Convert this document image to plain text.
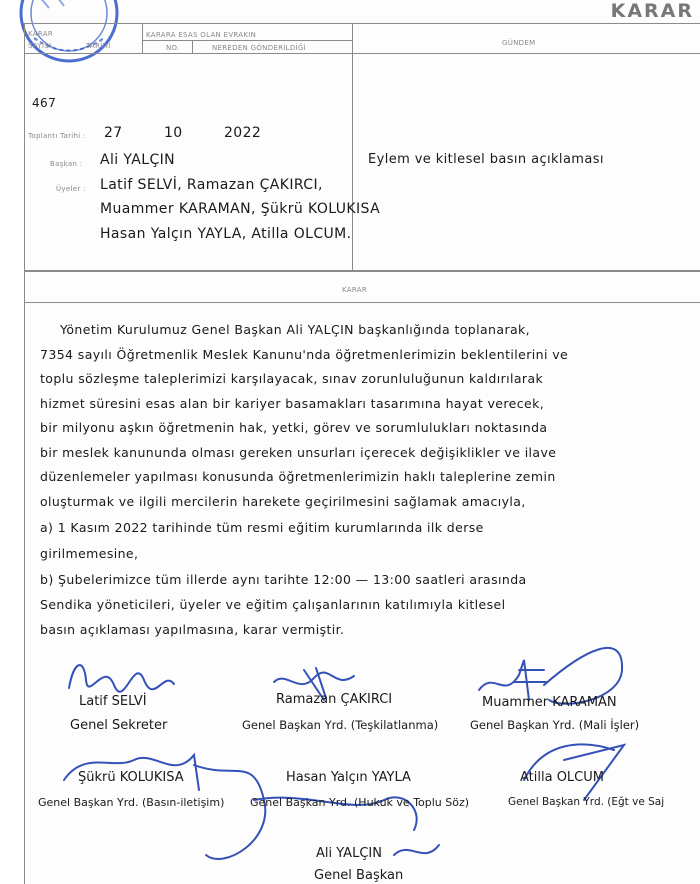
KARAR
KARAR
SAYISI	TARİHİ
KARARA ESAS OLAN EVRAKIN
NO.	NEREDEN GÖNDERİLDİĞİ
GÜNDEM
467
Toplantı Tarihi : 27	10	2022
Başkan : Ali YALÇIN
Üyeler : Latif SELVİ, Ramazan ÇAKIRCI,
Muammer KARAMAN, Şükrü KOLUKISA
Hasan Yalçın YAYLA, Atilla OLCUM.
Eylem ve kitlesel basın açıklaması
KARAR
Yönetim Kurulumuz Genel Başkan Ali YALÇIN başkanlığında toplanarak,
7354 sayılı Öğretmenlik Meslek Kanunu'nda öğretmenlerimizin beklentilerini ve
toplu sözleşme taleplerimizi karşılayacak, sınav zorunluluğunun kaldırılarak
hizmet süresini esas alan bir kariyer basamakları tasarımına hayat verecek,
bir milyonu aşkın öğretmenin hak, yetki, görev ve sorumlulukları noktasında
bir meslek kanununda olması gereken unsurları içerecek değişiklikler ve ilave
düzenlemeler yapılması konusunda öğretmenlerimizin haklı taleplerine zemin
oluşturmak ve ilgili mercilerin harekete geçirilmesini sağlamak amacıyla,
a) 1 Kasım 2022 tarihinde tüm resmi eğitim kurumlarında ilk derse
girilmemesine,
b) Şubelerimizce tüm illerde aynı tarihte 12:00 — 13:00 saatleri arasında
Sendika yöneticileri, üyeler ve eğitim çalışanlarının katılımıyla kitlesel
basın açıklaması yapılmasına, karar vermiştir.
Latif SELVİ
Genel Sekreter
Ramazan ÇAKIRCI
Genel Başkan Yrd. (Teşkilatlanma)
Muammer KARAMAN
Genel Başkan Yrd. (Mali İşler)
Şükrü KOLUKISA
Genel Başkan Yrd. (Basın-iletişim)
Hasan Yalçın YAYLA
Genel Başkan Yrd. (Hukuk ve Toplu Söz)
Atilla OLCUM
Genel Başkan Yrd. (Eğt ve Saj
Ali YALÇIN
Genel Başkan
